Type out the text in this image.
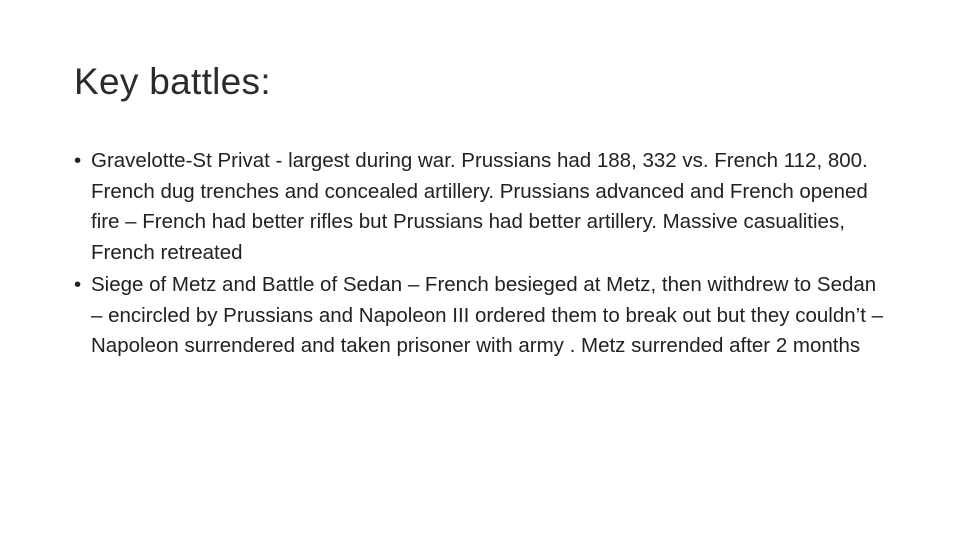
Key battles:
• Gravelotte-St Privat - largest during war. Prussians had 188, 332 vs. French 112, 800. French dug trenches and concealed artillery. Prussians advanced and French opened fire – French had better rifles but Prussians had better artillery. Massive casualities, French retreated
• Siege of Metz and Battle of Sedan – French besieged at Metz, then withdrew to Sedan – encircled by Prussians and Napoleon III ordered them to break out but they couldn’t – Napoleon surrendered and taken prisoner with army . Metz surrended after 2 months
